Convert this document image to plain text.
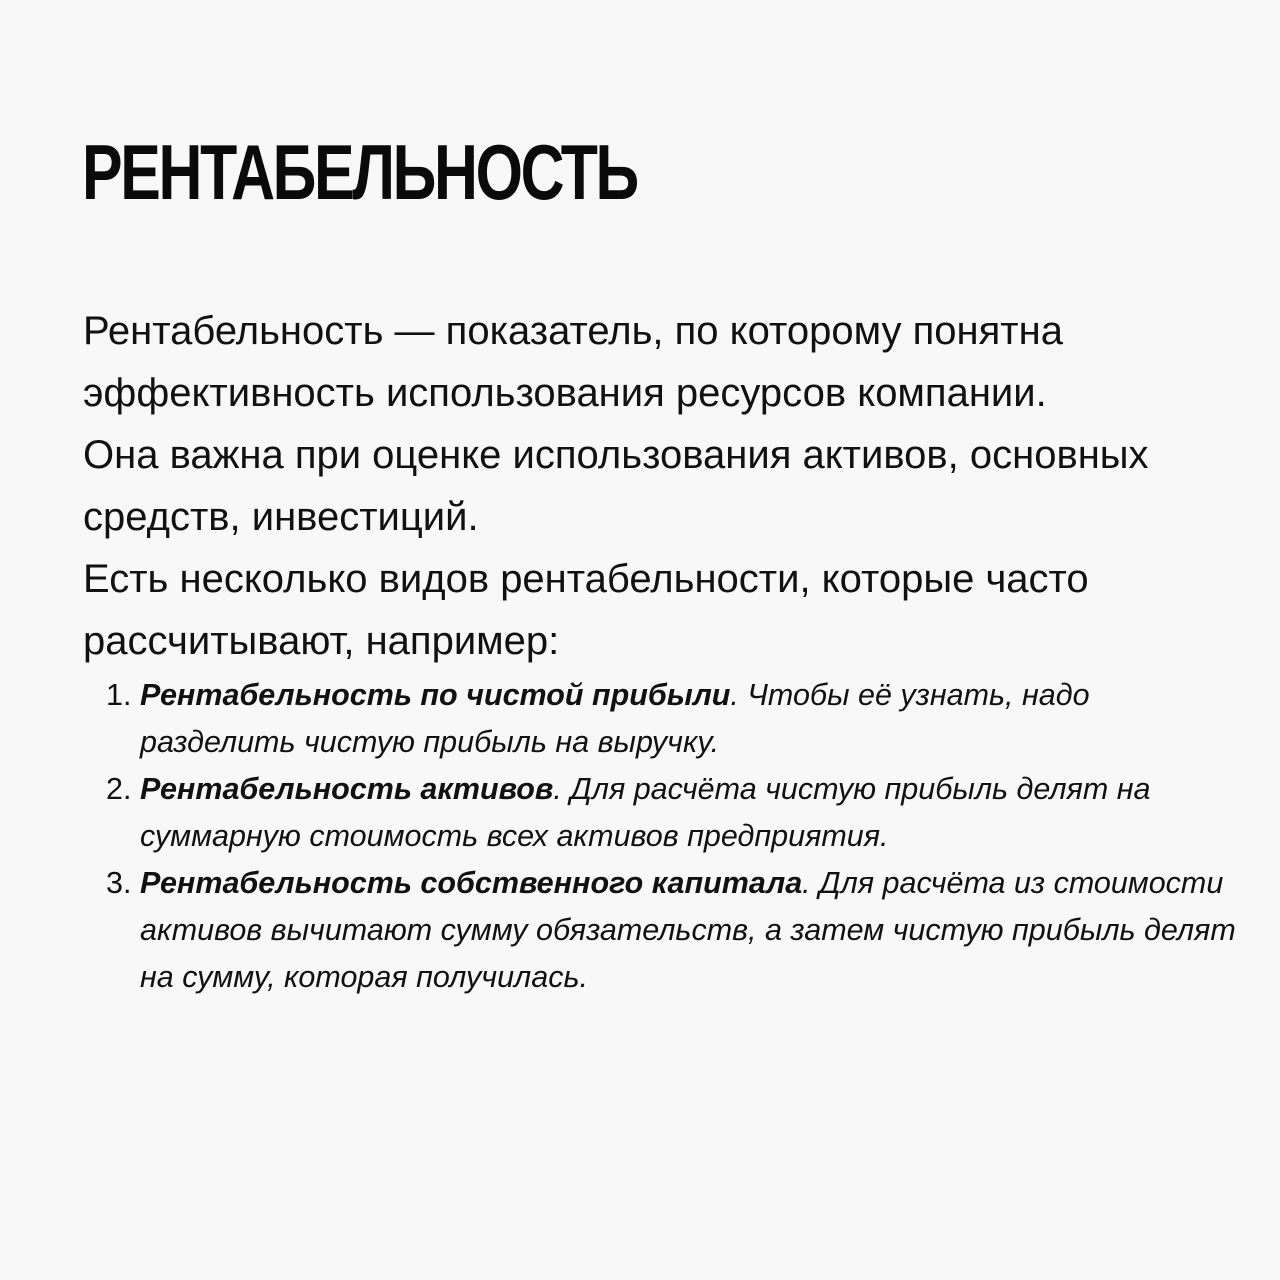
РЕНТАБЕЛЬНОСТЬ

Рентабельность — показатель, по которому понятна эффективность использования ресурсов компании.

Она важна при оценке использования активов, основных средств, инвестиций.

Есть несколько видов рентабельности, которые часто рассчитывают, например:

1. Рентабельность по чистой прибыли. Чтобы её узнать, надо разделить чистую прибыль на выручку.
2. Рентабельность активов. Для расчёта чистую прибыль делят на суммарную стоимость всех активов предприятия.
3. Рентабельность собственного капитала. Для расчёта из стоимости активов вычитают сумму обязательств, а затем чистую прибыль делят на сумму, которая получилась.
